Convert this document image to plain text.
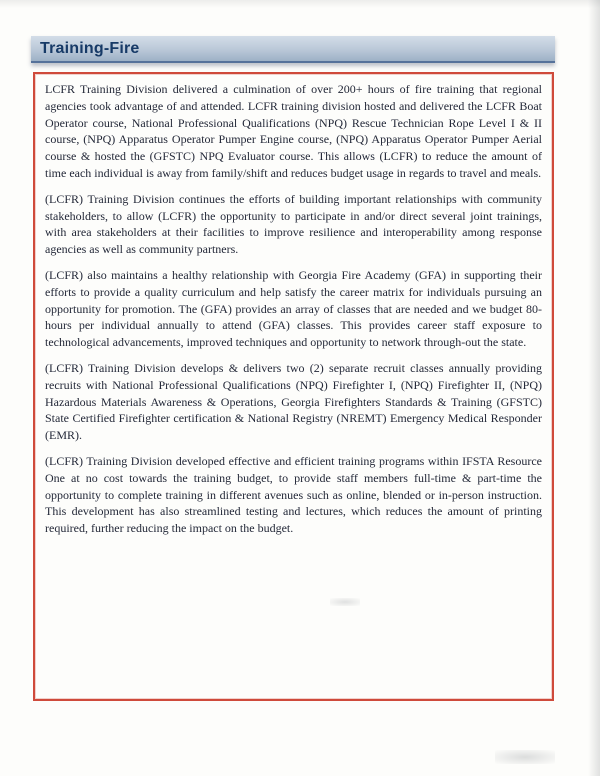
Training-Fire

LCFR Training Division delivered a culmination of over 200+ hours of fire training that regional agencies took advantage of and attended. LCFR training division hosted and delivered the LCFR Boat Operator course, National Professional Qualifications (NPQ) Rescue Technician Rope Level I & II course, (NPQ) Apparatus Operator Pumper Engine course, (NPQ) Apparatus Operator Pumper Aerial course & hosted the (GFSTC) NPQ Evaluator course. This allows (LCFR) to reduce the amount of time each individual is away from family/shift and reduces budget usage in regards to travel and meals.

(LCFR) Training Division continues the efforts of building important relationships with community stakeholders, to allow (LCFR) the opportunity to participate in and/or direct several joint trainings, with area stakeholders at their facilities to improve resilience and interoperability among response agencies as well as community partners.

(LCFR) also maintains a healthy relationship with Georgia Fire Academy (GFA) in supporting their efforts to provide a quality curriculum and help satisfy the career matrix for individuals pursuing an opportunity for promotion. The (GFA) provides an array of classes that are needed and we budget 80-hours per individual annually to attend (GFA) classes. This provides career staff exposure to technological advancements, improved techniques and opportunity to network through-out the state.

(LCFR) Training Division develops & delivers two (2) separate recruit classes annually providing recruits with National Professional Qualifications (NPQ) Firefighter I, (NPQ) Firefighter II, (NPQ) Hazardous Materials Awareness & Operations, Georgia Firefighters Standards & Training (GFSTC) State Certified Firefighter certification & National Registry (NREMT) Emergency Medical Responder (EMR).

(LCFR) Training Division developed effective and efficient training programs within IFSTA Resource One at no cost towards the training budget, to provide staff members full-time & part-time the opportunity to complete training in different avenues such as online, blended or in-person instruction. This development has also streamlined testing and lectures, which reduces the amount of printing required, further reducing the impact on the budget.
